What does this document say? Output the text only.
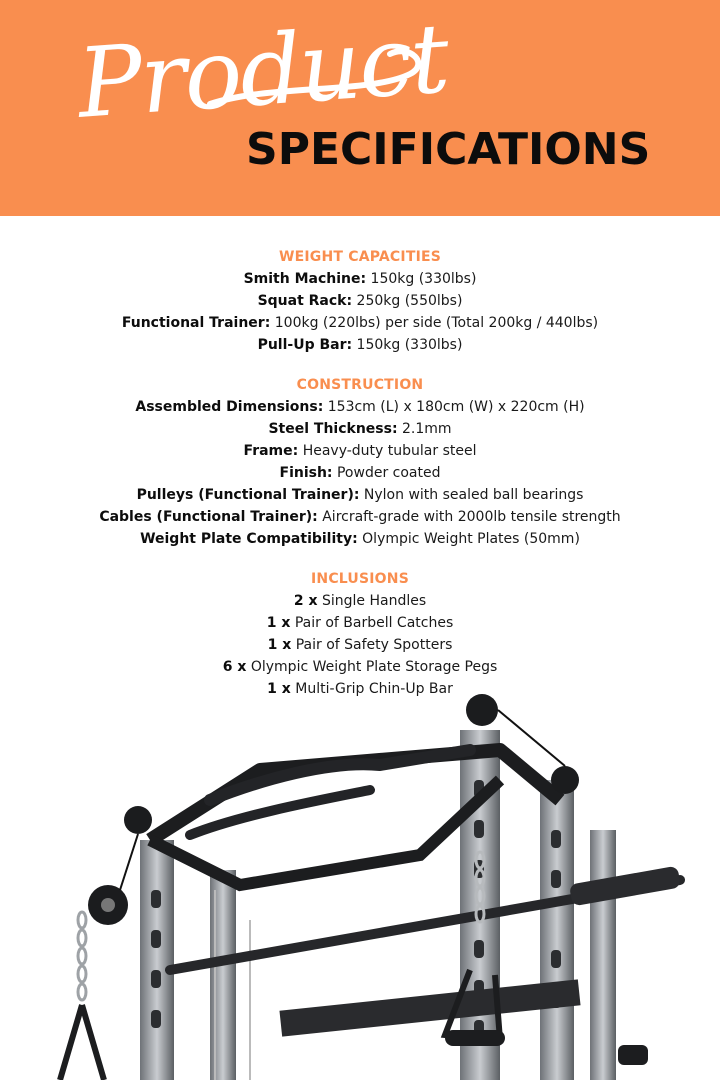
Product
SPECIFICATIONS
WEIGHT CAPACITIES
Smith Machine: 150kg (330lbs)
Squat Rack: 250kg (550lbs)
Functional Trainer: 100kg (220lbs) per side (Total 200kg / 440lbs)
Pull-Up Bar: 150kg (330lbs)
CONSTRUCTION
Assembled Dimensions: 153cm (L) x 180cm (W) x 220cm (H)
Steel Thickness: 2.1mm
Frame: Heavy-duty tubular steel
Finish: Powder coated
Pulleys (Functional Trainer): Nylon with sealed ball bearings
Cables (Functional Trainer): Aircraft-grade with 2000lb tensile strength
Weight Plate Compatibility: Olympic Weight Plates (50mm)
INCLUSIONS
2 x Single Handles
1 x Pair of Barbell Catches
1 x Pair of Safety Spotters
6 x Olympic Weight Plate Storage Pegs
1 x Multi-Grip Chin-Up Bar
